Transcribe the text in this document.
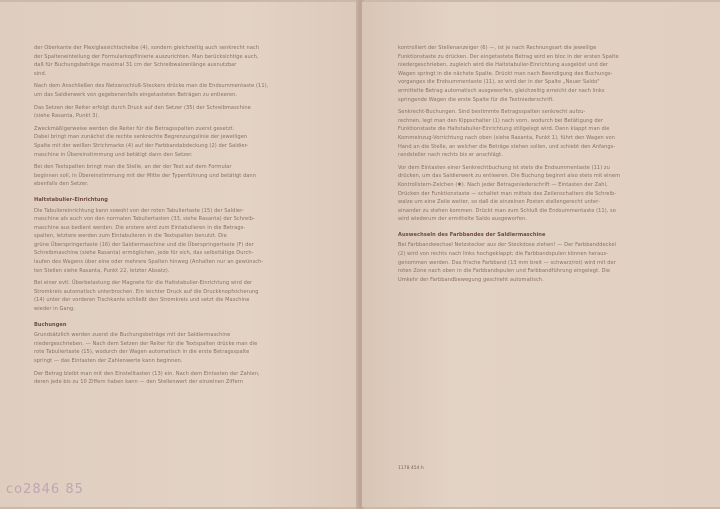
der Oberkante der Plexiglassichtscheibe (4), sondern gleichzeitig auch senkrecht nach
der Spalteneinteilung der Formularkopflinierie auszurichten. Man berücksichtige auch,
daß für Buchungsbeträge maximal 31 cm der Schreibwalzenlänge ausnutzbar
sind.
Nach dem Anschließen des Netzanschluß-Steckers drücke man die Endsummentaste (11),
um das Saldierwerk von gegebenenfalls eingetasteten Beträgen zu entleeren.
Das Setzen der Reiter erfolgt durch Druck auf den Setzer (35) der Schreibmaschine
(siehe Rasanta, Punkt 3).
Zweckmäßigerweise werden die Reiter für die Betragsspalten zuerst gesetzt.
Dabei bringt man zunächst die rechte senkrechte Begrenzungslinie der jeweiligen
Spalte mit der weißen Strichmarke (4) auf der Farbbandabdeckung (2) der Saldier-
maschine in Übereinstimmung und betätigt dann den Setzer.
Bei den Textspalten bringt man die Stelle, an der der Text auf dem Formular
beginnen soll, in Übereinstimmung mit der Mitte der Typenführung und betätigt dann
ebenfalls den Setzer.
Haltstabulier-Einrichtung
Die Tabuliereinrichtung kann sowohl von der roten Tabuliertaste (15) der Saldier-
maschine als auch von den normalen Tabuliertasten (33, siehe Rasanta) der Schreib-
maschine aus bedient werden. Die erstere wird zum Eintabulieren in die Betrags-
spalten, letztere werden zum Eintabulieren in die Textspalten benutzt. Die
grüne Überspringertaste (16) der Saldiermaschine und die Überspringertaste (F) der
Schreibmaschine (siehe Rasanta) ermöglichen, jede für sich, das selbsttätige Durch-
laufen des Wagens über eine oder mehrere Spalten hinweg (Anhalten nur an gewünsch-
ten Stellen siehe Rasanta, Punkt 22, letzter Absatz).
Bei einer evtl. Überbelastung der Magnete für die Haltstabulier-Einrichtung wird der
Stromkreis automatisch unterbrochen. Ein leichter Druck auf die Druckknopfsicherung
(14) unter der vorderen Tischkante schließt den Stromkreis und setzt die Maschine
wieder in Gang.
Buchungen
Grundsätzlich werden zuerst die Buchungsbeträge mit der Saldiermaschine
niedergeschrieben. — Nach dem Setzen der Reiter für die Textspalten drücke man die
rote Tabuliertaste (15), wodurch der Wagen automatisch in die erste Betragsspalte
springt — das Eintasten der Zahlenwerte kann beginnen.
Der Betrag bleibt man mit den Einstelltasten (13) ein. Nach dem Eintasten der Zahlen,
deren jede bis zu 10 Ziffern haben kann — den Stellenwert der einzelnen Ziffern
kontrolliert der Stellenanzeiger (6) —, ist je nach Rechnungsart die jeweilige
Funktionstaste zu drücken. Der eingetastete Betrag wird en bloc in der ersten Spalte
niedergeschrieben, zugleich wird die Haltstabulier-Einrichtung ausgelöst und der
Wagen springt in die nächste Spalte. Drückt man nach Beendigung des Buchungs-
vorganges die Endsummentaste (11), so wird der in der Spalte „Neuer Saldo"
ermittelte Betrag automatisch ausgeworfen, gleichzeitig erreicht der nach links
springende Wagen die erste Spalte für die Textniederschrift.
Senkrecht-Buchungen. Sind bestimmte Betragsspalten senkrecht aufzu-
rechnen, legt man den Kippschalter (1) nach vorn, wodurch bei Betätigung der
Funktionstaste die Haltstabulier-Einrichtung stillgelegt wird. Dann klappt man die
Kommeinzug-Vorrichtung nach oben (siehe Rasanta, Punkt 1), führt den Wagen von
Hand an die Stelle, an welcher die Beträge stehen sollen, und schiebt den Anfangs-
randsteller nach rechts bis er anschlägt.
Vor dem Eintasten einer Senkrechtbuchung ist stets die Endsummentaste (11) zu
drücken, um das Saldierwerk zu entleeren. Die Buchung beginnt also stets mit einem
Kontrollstern-Zeichen (✱). Nach jeder Betragsniederschrift — Eintasten der Zahl,
Drücken der Funktionstaste — schaltet man mittels des Zeilenschalters die Schreib-
walze um eine Zeile weiter, so daß die einzelnen Posten stellengerecht unter-
einander zu stehen kommen. Drückt man zum Schluß die Endsummentaste (11), so
wird wiederum der ermittelte Saldo ausgeworfen.
Auswechseln des Farbbandes der Saldiermaschine
Bei Farbbandwechsel Netzstecker aus der Steckdose ziehen! — Der Farbbanddeckel
(2) wird von rechts nach links hochgeklappt; die Farbbandspulen können heraus-
genommen werden. Das frische Farbband (13 mm breit — schwarz/rot) wird mit der
roten Zone nach oben in die Farbbandspulen und Farbbandführung eingelegt. Die
Umkehr der Farbbandbewegung geschieht automatisch.
1178 454 h
co2846 85
